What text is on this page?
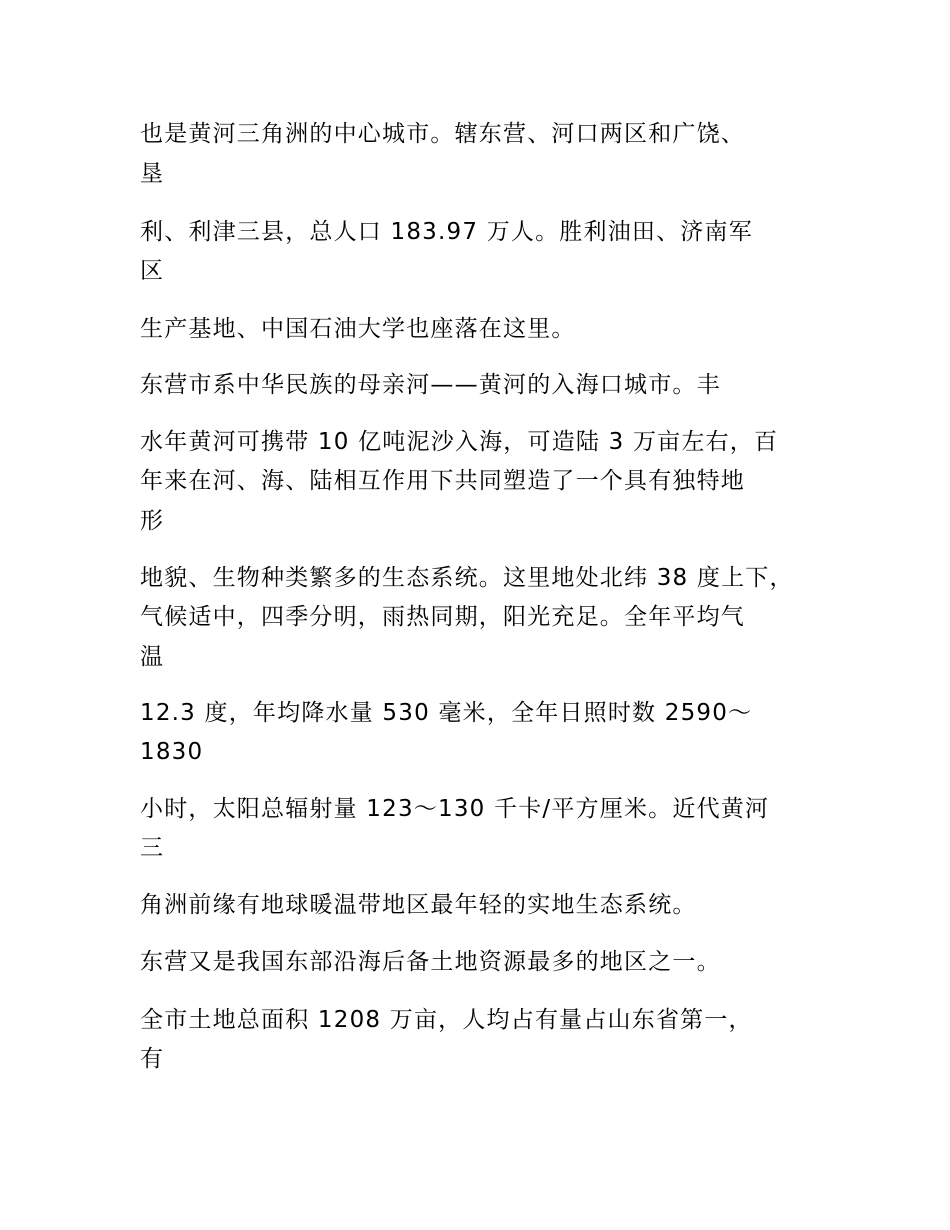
也是黄河三角洲的中心城市。辖东营、河口两区和广饶、
垦
利、利津三县，总人口 183.97 万人。胜利油田、济南军
区
生产基地、中国石油大学也座落在这里。
东营市系中华民族的母亲河——黄河的入海口城市。丰
水年黄河可携带 10 亿吨泥沙入海，可造陆 3 万亩左右，百
年来在河、海、陆相互作用下共同塑造了一个具有独特地
形
地貌、生物种类繁多的生态系统。这里地处北纬 38 度上下，
气候适中，四季分明，雨热同期，阳光充足。全年平均气
温
12.3 度，年均降水量 530 毫米，全年日照时数 2590～
1830
小时，太阳总辐射量 123～130 千卡/平方厘米。近代黄河
三
角洲前缘有地球暖温带地区最年轻的实地生态系统。
东营又是我国东部沿海后备土地资源最多的地区之一。
全市土地总面积 1208 万亩，人均占有量占山东省第一，
有
